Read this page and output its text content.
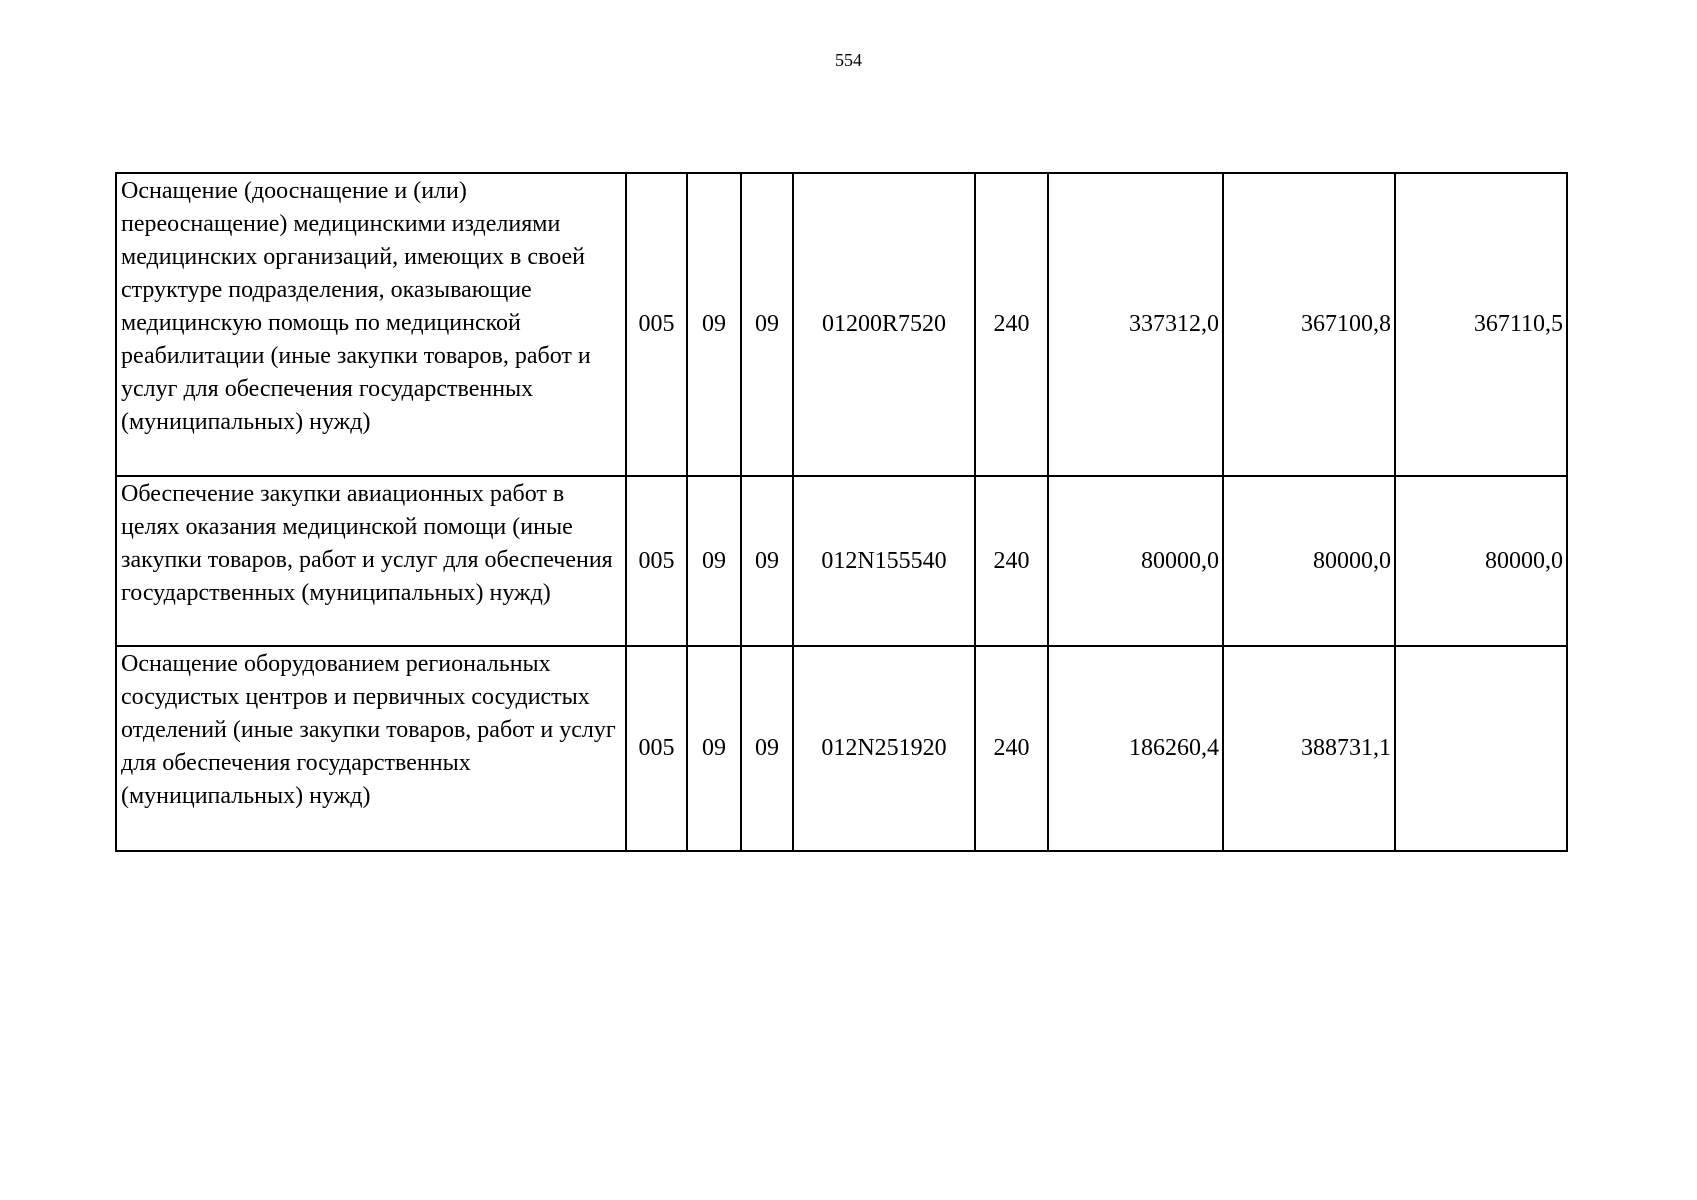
554
Оснащение (дооснащение и (или) переоснащение) медицинскими изделиями медицинских организаций, имеющих в своей структуре подразделения, оказывающие медицинскую помощь по медицинской реабилитации (иные закупки товаров, работ и услуг для обеспечения государственных (муниципальных) нужд)	005	09	09	01200R7520	240	337312,0	367100,8	367110,5
Обеспечение закупки авиационных работ в целях оказания медицинской помощи (иные закупки товаров, работ и услуг для обеспечения государственных (муниципальных) нужд)	005	09	09	012N155540	240	80000,0	80000,0	80000,0
Оснащение оборудованием региональных сосудистых центров и первичных сосудистых отделений (иные закупки товаров, работ и услуг для обеспечения государственных (муниципальных) нужд)	005	09	09	012N251920	240	186260,4	388731,1	
